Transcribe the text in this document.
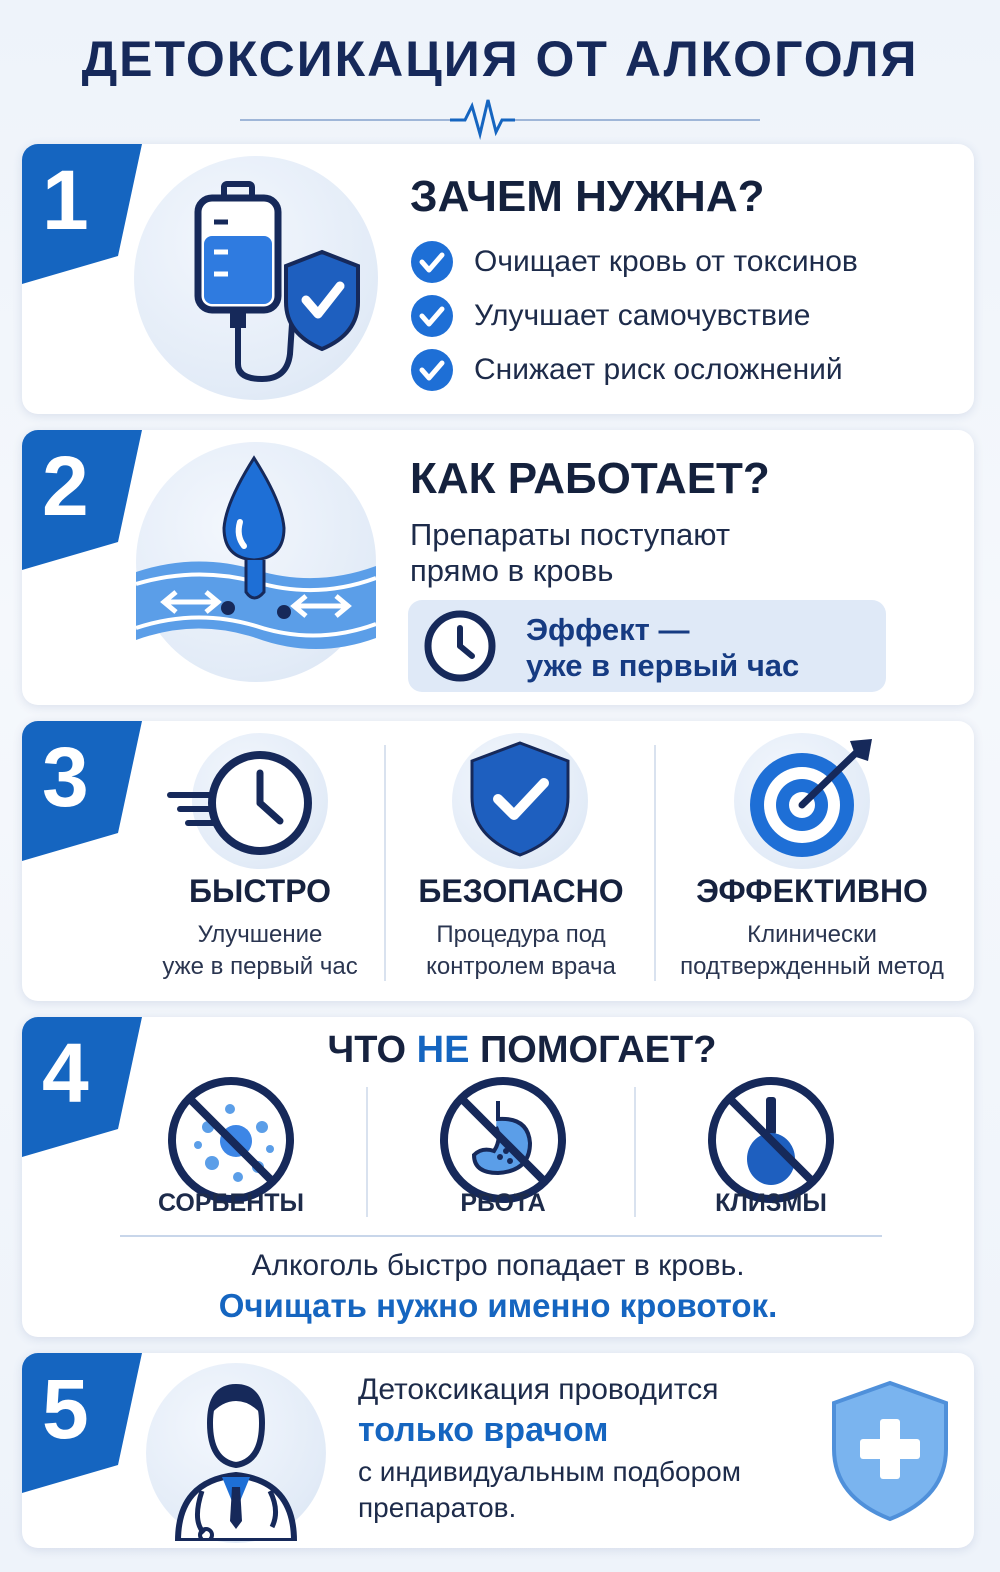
ДЕТОКСИКАЦИЯ ОТ АЛКОГОЛЯ
1	ЗАЧЕМ НУЖНА?
Очищает кровь от токсинов
Улучшает самочувствие
Снижает риск осложнений
2	КАК РАБОТАЕТ?
Препараты поступают
прямо в кровь
Эффект —
уже в первый час
3
БЫСТРО
Улучшение
уже в первый час
БЕЗОПАСНО
Процедура под
контролем врача
ЭФФЕКТИВНО
Клинически
подтвержденный метод
4	ЧТО НЕ ПОМОГАЕТ?
СОРБЕНТЫ	РВОТА	КЛИЗМЫ
Алкоголь быстро попадает в кровь.
Очищать нужно именно кровоток.
5	Детоксикация проводится
только врачом
с индивидуальным подбором
препаратов.
